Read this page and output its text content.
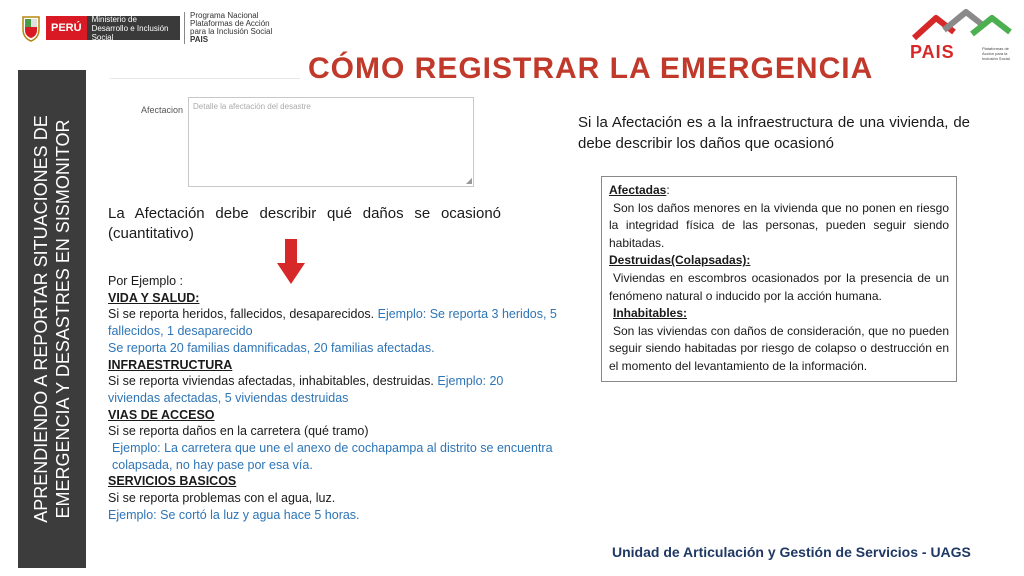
PERÚ
Ministerio de Desarrollo e Inclusión Social
Programa Nacional
Plataformas de Acción
para la Inclusión Social
PAIS
PAIS	Plataformas de Acción para la Inclusión Social
CÓMO REGISTRAR LA EMERGENCIA
APRENDIENDO A REPORTAR SITUACIONES DE EMERGENCIA Y DESASTRES EN SISMONITOR
Afectacion	Detalle la afectación del desastre
◢
La Afectación debe describir qué daños se ocasionó (cuantitativo)
Por Ejemplo :
VIDA Y SALUD:
Si se reporta heridos, fallecidos, desaparecidos. Ejemplo: Se reporta 3 heridos, 5 fallecidos, 1 desaparecido
Se reporta 20 familias damnificadas, 20 familias afectadas.
INFRAESTRUCTURA
Si se reporta viviendas afectadas, inhabitables, destruidas. Ejemplo: 20 viviendas afectadas, 5 viviendas destruidas
VIAS DE ACCESO
Si se reporta daños en la carretera (qué tramo)
Ejemplo: La carretera que une el anexo de cochapampa al distrito se encuentra colapsada, no hay pase por esa vía.
SERVICIOS BASICOS
Si se reporta problemas con el agua, luz.
Ejemplo: Se cortó la luz y agua hace 5 horas.
Si la Afectación es a la infraestructura de una vivienda, de debe describir los daños que ocasionó
Afectadas:
Son los daños menores en la vivienda que no ponen en riesgo la integridad física de las personas, pueden seguir siendo habitadas.
Destruidas(Colapsadas):
Viviendas en escombros ocasionados por la presencia de un fenómeno natural o inducido por la acción humana.
Inhabitables:
Son las viviendas con daños de consideración, que no pueden seguir siendo habitadas por riesgo de colapso o destrucción en el momento del levantamiento de la información.
Unidad de Articulación y Gestión de Servicios - UAGS
